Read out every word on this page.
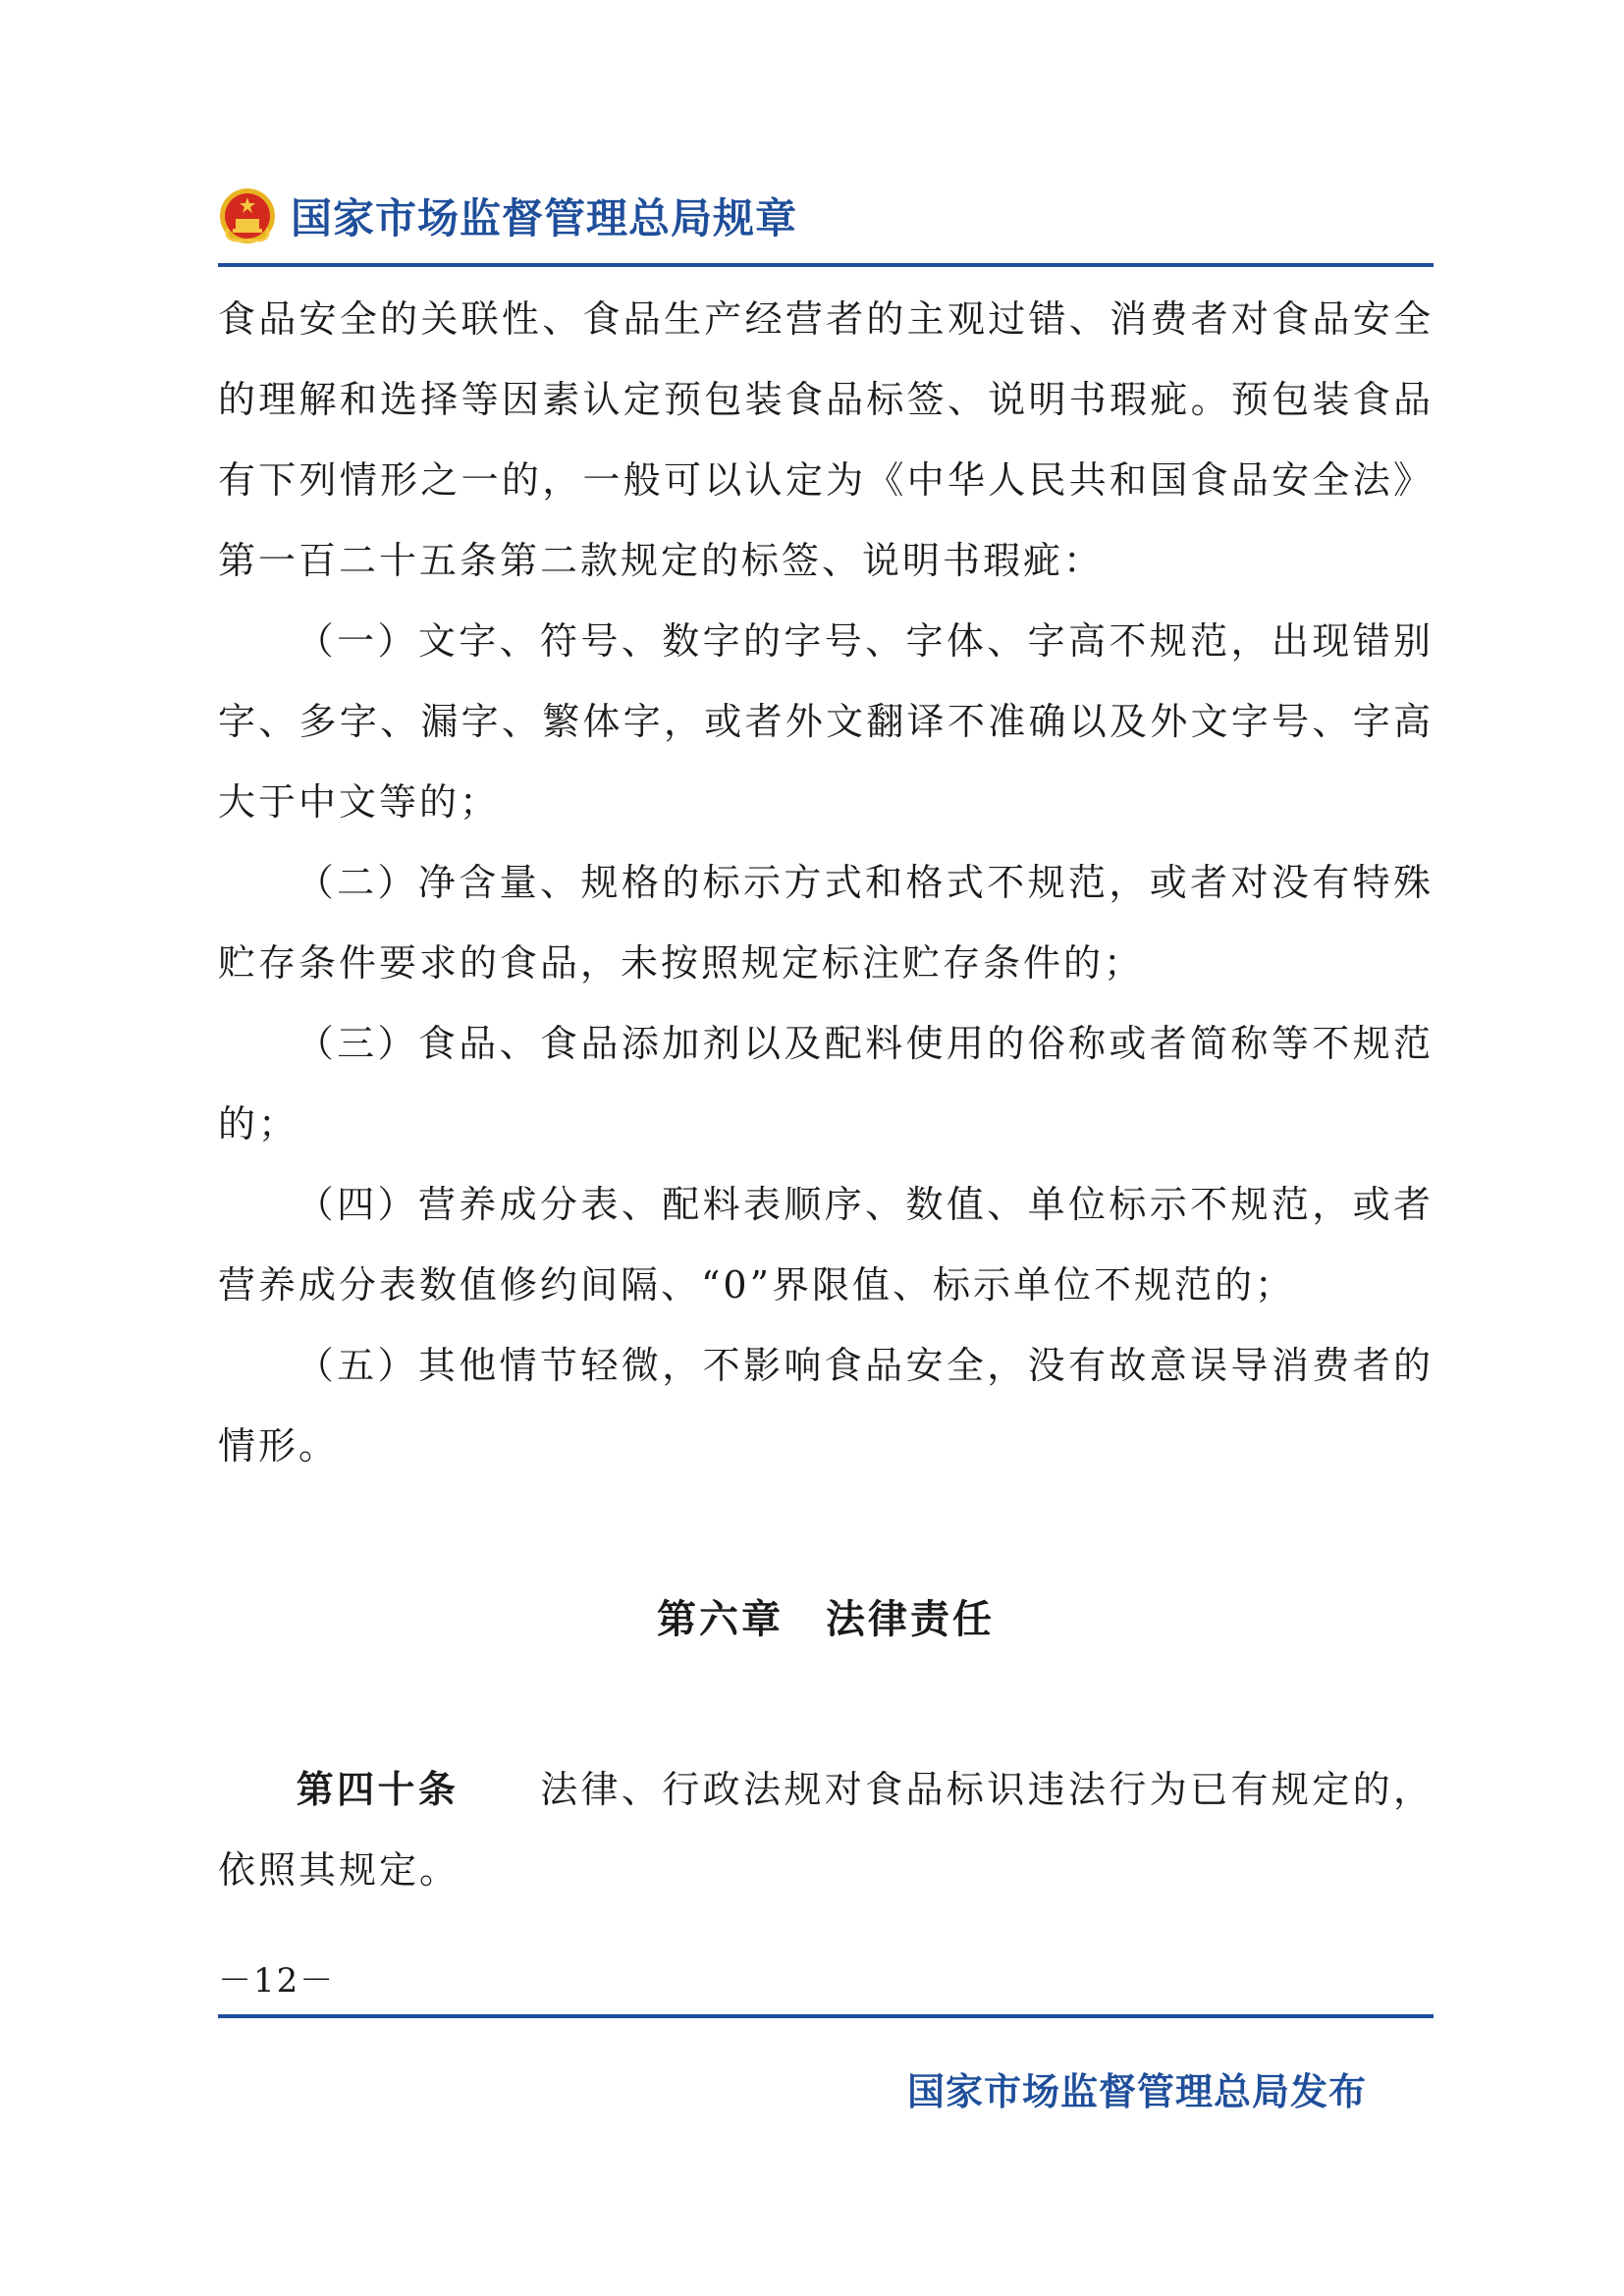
国家市场监督管理总局规章

食品安全的关联性、食品生产经营者的主观过错、消费者对食品安全的理解和选择等因素认定预包装食品标签、说明书瑕疵。预包装食品有下列情形之一的，一般可以认定为《中华人民共和国食品安全法》第一百二十五条第二款规定的标签、说明书瑕疵：

（一）文字、符号、数字的字号、字体、字高不规范，出现错别字、多字、漏字、繁体字，或者外文翻译不准确以及外文字号、字高大于中文等的；

（二）净含量、规格的标示方式和格式不规范，或者对没有特殊贮存条件要求的食品，未按照规定标注贮存条件的；

（三）食品、食品添加剂以及配料使用的俗称或者简称等不规范的；

（四）营养成分表、配料表顺序、数值、单位标示不规范，或者营养成分表数值修约间隔、“0”界限值、标示单位不规范的；

（五）其他情节轻微，不影响食品安全，没有故意误导消费者的情形。

第六章　法律责任

第四十条　　 法律、行政法规对食品标识违法行为已有规定的，依照其规定。

－12－
国家市场监督管理总局发布
